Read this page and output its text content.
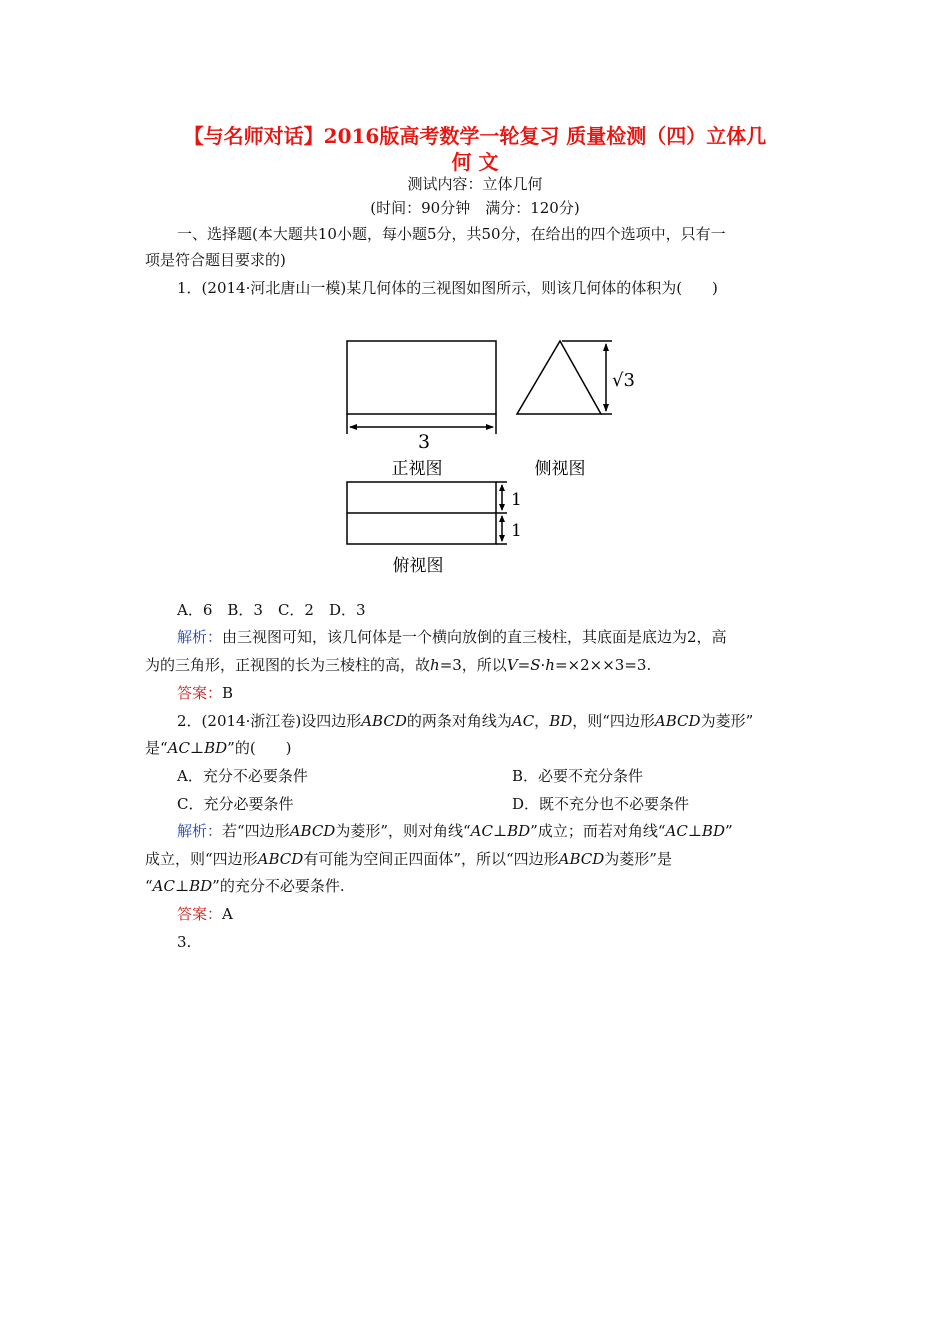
【与名师对话】2016版高考数学一轮复习 质量检测（四）立体几
何 文
测试内容：立体几何
(时间：90分钟　满分：120分)
一、选择题(本大题共10小题，每小题5分，共50分，在给出的四个选项中，只有一
项是符合题目要求的)
1．(2014·河北唐山一模)某几何体的三视图如图所示，则该几何体的体积为(　　)
3
√3
1
1
正视图	侧视图
俯视图
A．6　B．3　C．2　D．3
解析：由三视图可知，该几何体是一个横向放倒的直三棱柱，其底面是底边为2，高
为的三角形，正视图的长为三棱柱的高，故h=3，所以V=S·h=×2××3=3.
答案：B
2．(2014·浙江卷)设四边形ABCD的两条对角线为AC，BD，则“四边形ABCD为菱形”
是“AC⊥BD”的(　　)
A．充分不必要条件	B．必要不充分条件
C．充分必要条件	D．既不充分也不必要条件
解析：若“四边形ABCD为菱形”，则对角线“AC⊥BD”成立；而若对角线“AC⊥BD”
成立，则“四边形ABCD有可能为空间正四面体”，所以“四边形ABCD为菱形”是
“AC⊥BD”的充分不必要条件.
答案：A
3.
